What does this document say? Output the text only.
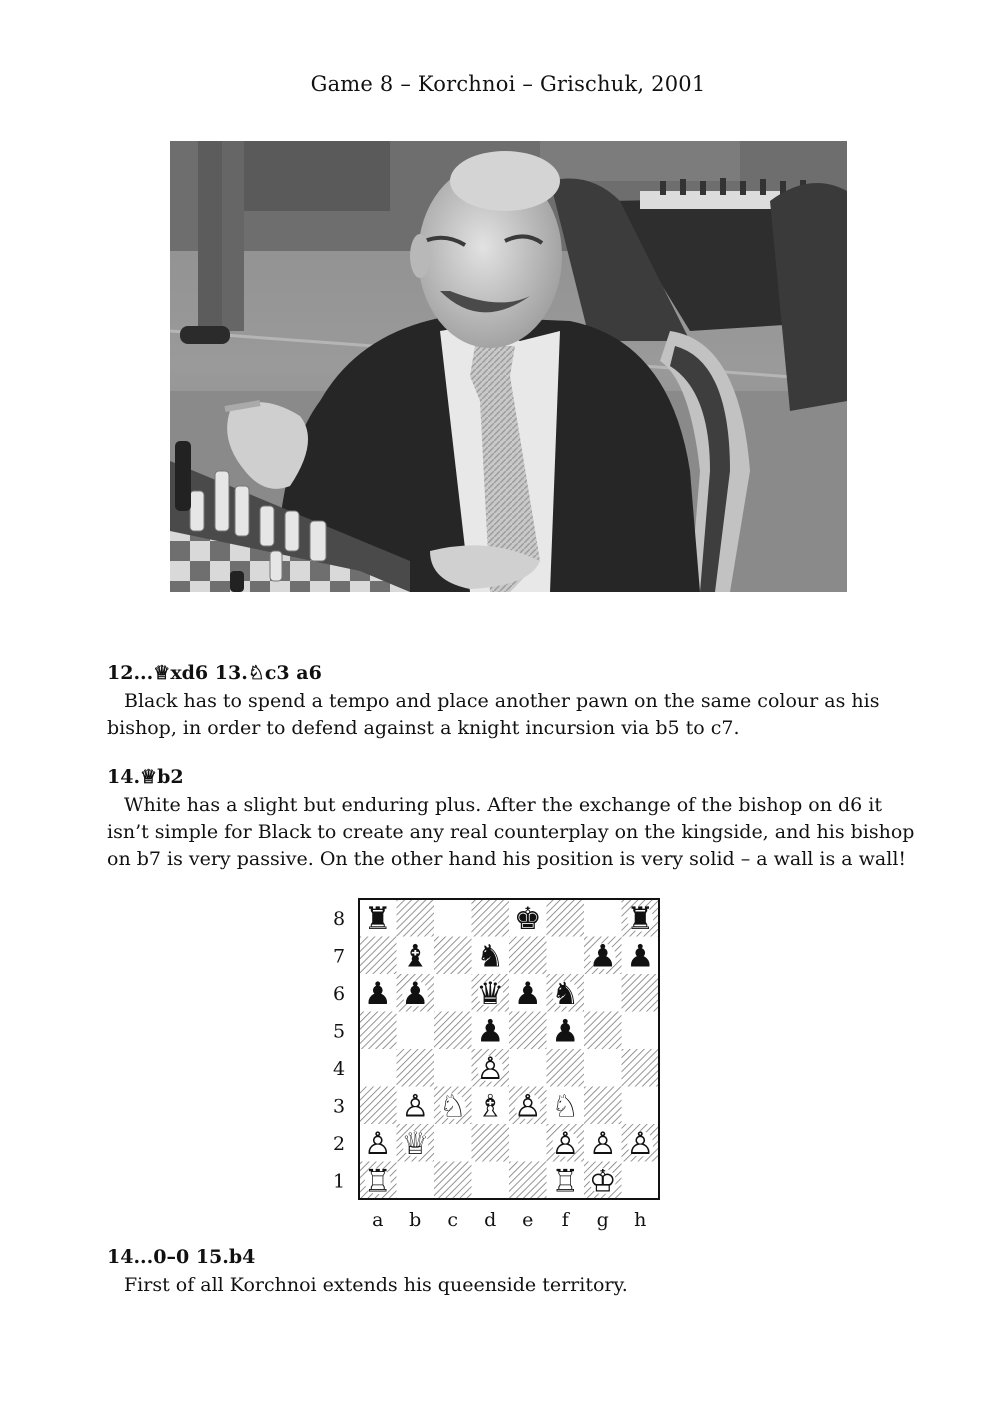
Game 8 – Korchnoi – Grischuk, 2001
12...♕xd6 13.♘c3 a6

Black has to spend a tempo and place another pawn on the same colour as his bishop, in order to defend against a knight incursion via b5 to c7.

14.♕b2

White has a slight but enduring plus. After the exchange of the bishop on d6 it isn’t simple for Black to create any real counterplay on the kingside, and his bishop on b7 is very passive. On the other hand his position is very solid – a wall is a wall!

8
7
6
5
4
3
2
1
a b c d e f g h
♜	♚	♜
♝ ♞	♟ ♟
♟ ♟ ♛ ♟ ♞
♟ ♟
♙
♙ ♘ ♗ ♙ ♘
♙ ♕	♙ ♙ ♙
♖	♖ ♔
14...0–0 15.b4

First of all Korchnoi extends his queenside territory.
